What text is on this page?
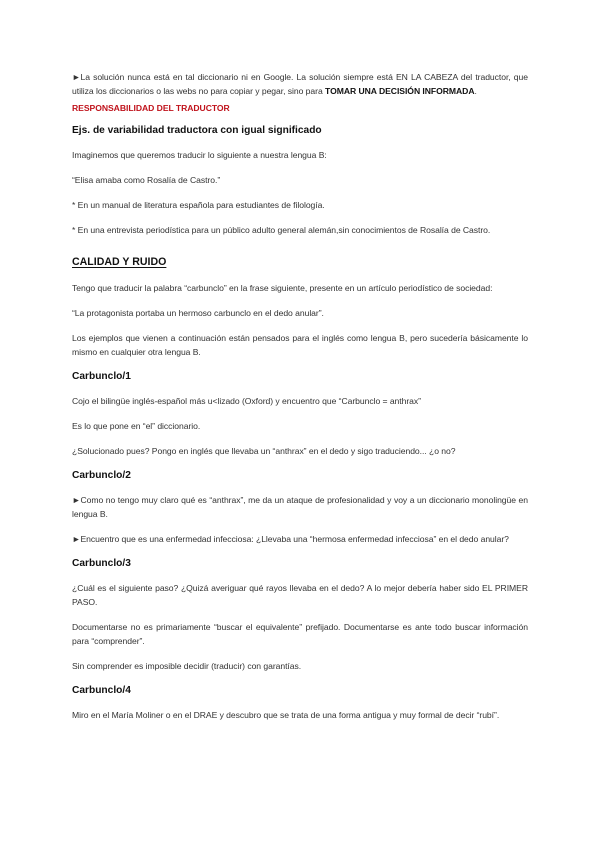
►La solución nunca está en tal diccionario ni en Google. La solución siempre está EN LA CABEZA del traductor, que utiliza los diccionarios o las webs no para copiar y pegar, sino para TOMAR UNA DECISIÓN INFORMADA.

RESPONSABILIDAD DEL TRADUCTOR

Ejs. de variabilidad traductora con igual significado

Imaginemos que queremos traducir lo siguiente a nuestra lengua B:

“Elisa amaba como Rosalía de Castro.”

* En un manual de literatura española para estudiantes de filología.

* En una entrevista periodística para un público adulto general alemán,sin conocimientos de Rosalía de Castro.

CALIDAD Y RUIDO

Tengo que traducir la palabra “carbunclo” en la frase siguiente, presente en un artículo periodístico de sociedad:

“La protagonista portaba un hermoso carbunclo en el dedo anular”.

Los ejemplos que vienen a continuación están pensados para el inglés como lengua B, pero sucedería básicamente lo mismo en cualquier otra lengua B.

Carbunclo/1

Cojo el bilingüe inglés-español más u<lizado (Oxford) y encuentro que “Carbunclo = anthrax”

Es lo que pone en “el” diccionario.

¿Solucionado pues? Pongo en inglés que llevaba un “anthrax” en el dedo y sigo traduciendo... ¿o no?

Carbunclo/2

►Como no tengo muy claro qué es “anthrax”, me da un ataque de profesionalidad y voy a un diccionario monolingüe en lengua B.

►Encuentro que es una enfermedad infecciosa: ¿Llevaba una “hermosa enfermedad infecciosa” en el dedo anular?

Carbunclo/3

¿Cuál es el siguiente paso? ¿Quizá averiguar qué rayos llevaba en el dedo? A lo mejor debería haber sido EL PRIMER PASO.

Documentarse no es primariamente “buscar el equivalente” prefijado. Documentarse es ante todo buscar información para “comprender”.

Sin comprender es imposible decidir (traducir) con garantías.

Carbunclo/4

Miro en el María Moliner o en el DRAE y descubro que se trata de una forma antigua y muy formal de decir “rubí”.
